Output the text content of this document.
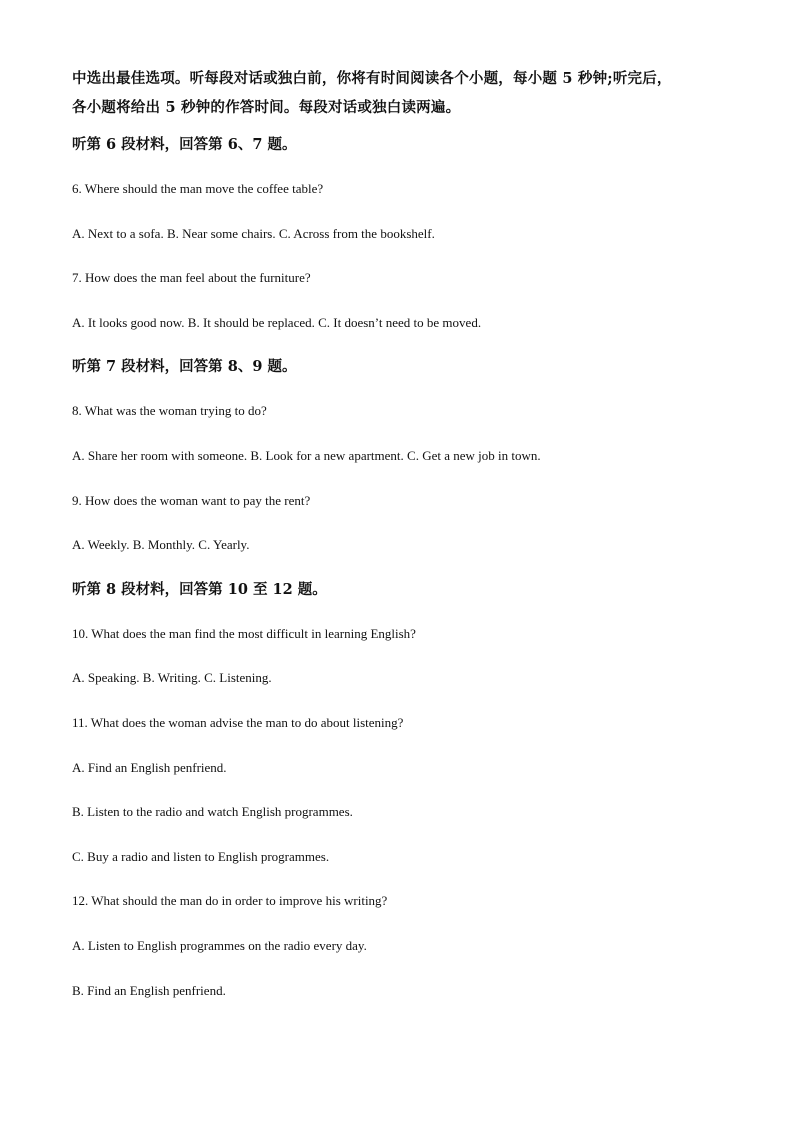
中选出最佳选项。听每段对话或独白前，你将有时间阅读各个小题，每小题 5 秒钟;听完后，
各小题将给出 5 秒钟的作答时间。每段对话或独白读两遍。
听第 6 段材料，回答第 6、7 题。
6. Where should the man move the coffee table?
A. Next to a sofa. B. Near some chairs. C. Across from the bookshelf.
7. How does the man feel about the furniture?
A. It looks good now. B. It should be replaced. C. It doesn’t need to be moved.
听第 7 段材料，回答第 8、9 题。
8. What was the woman trying to do?
A. Share her room with someone. B. Look for a new apartment. C. Get a new job in town.
9. How does the woman want to pay the rent?
A. Weekly. B. Monthly. C. Yearly.
听第 8 段材料，回答第 10 至 12 题。
10. What does the man find the most difficult in learning English?
A. Speaking. B. Writing. C. Listening.
11. What does the woman advise the man to do about listening?
A. Find an English penfriend.
B. Listen to the radio and watch English programmes.
C. Buy a radio and listen to English programmes.
12. What should the man do in order to improve his writing?
A. Listen to English programmes on the radio every day.
B. Find an English penfriend.
